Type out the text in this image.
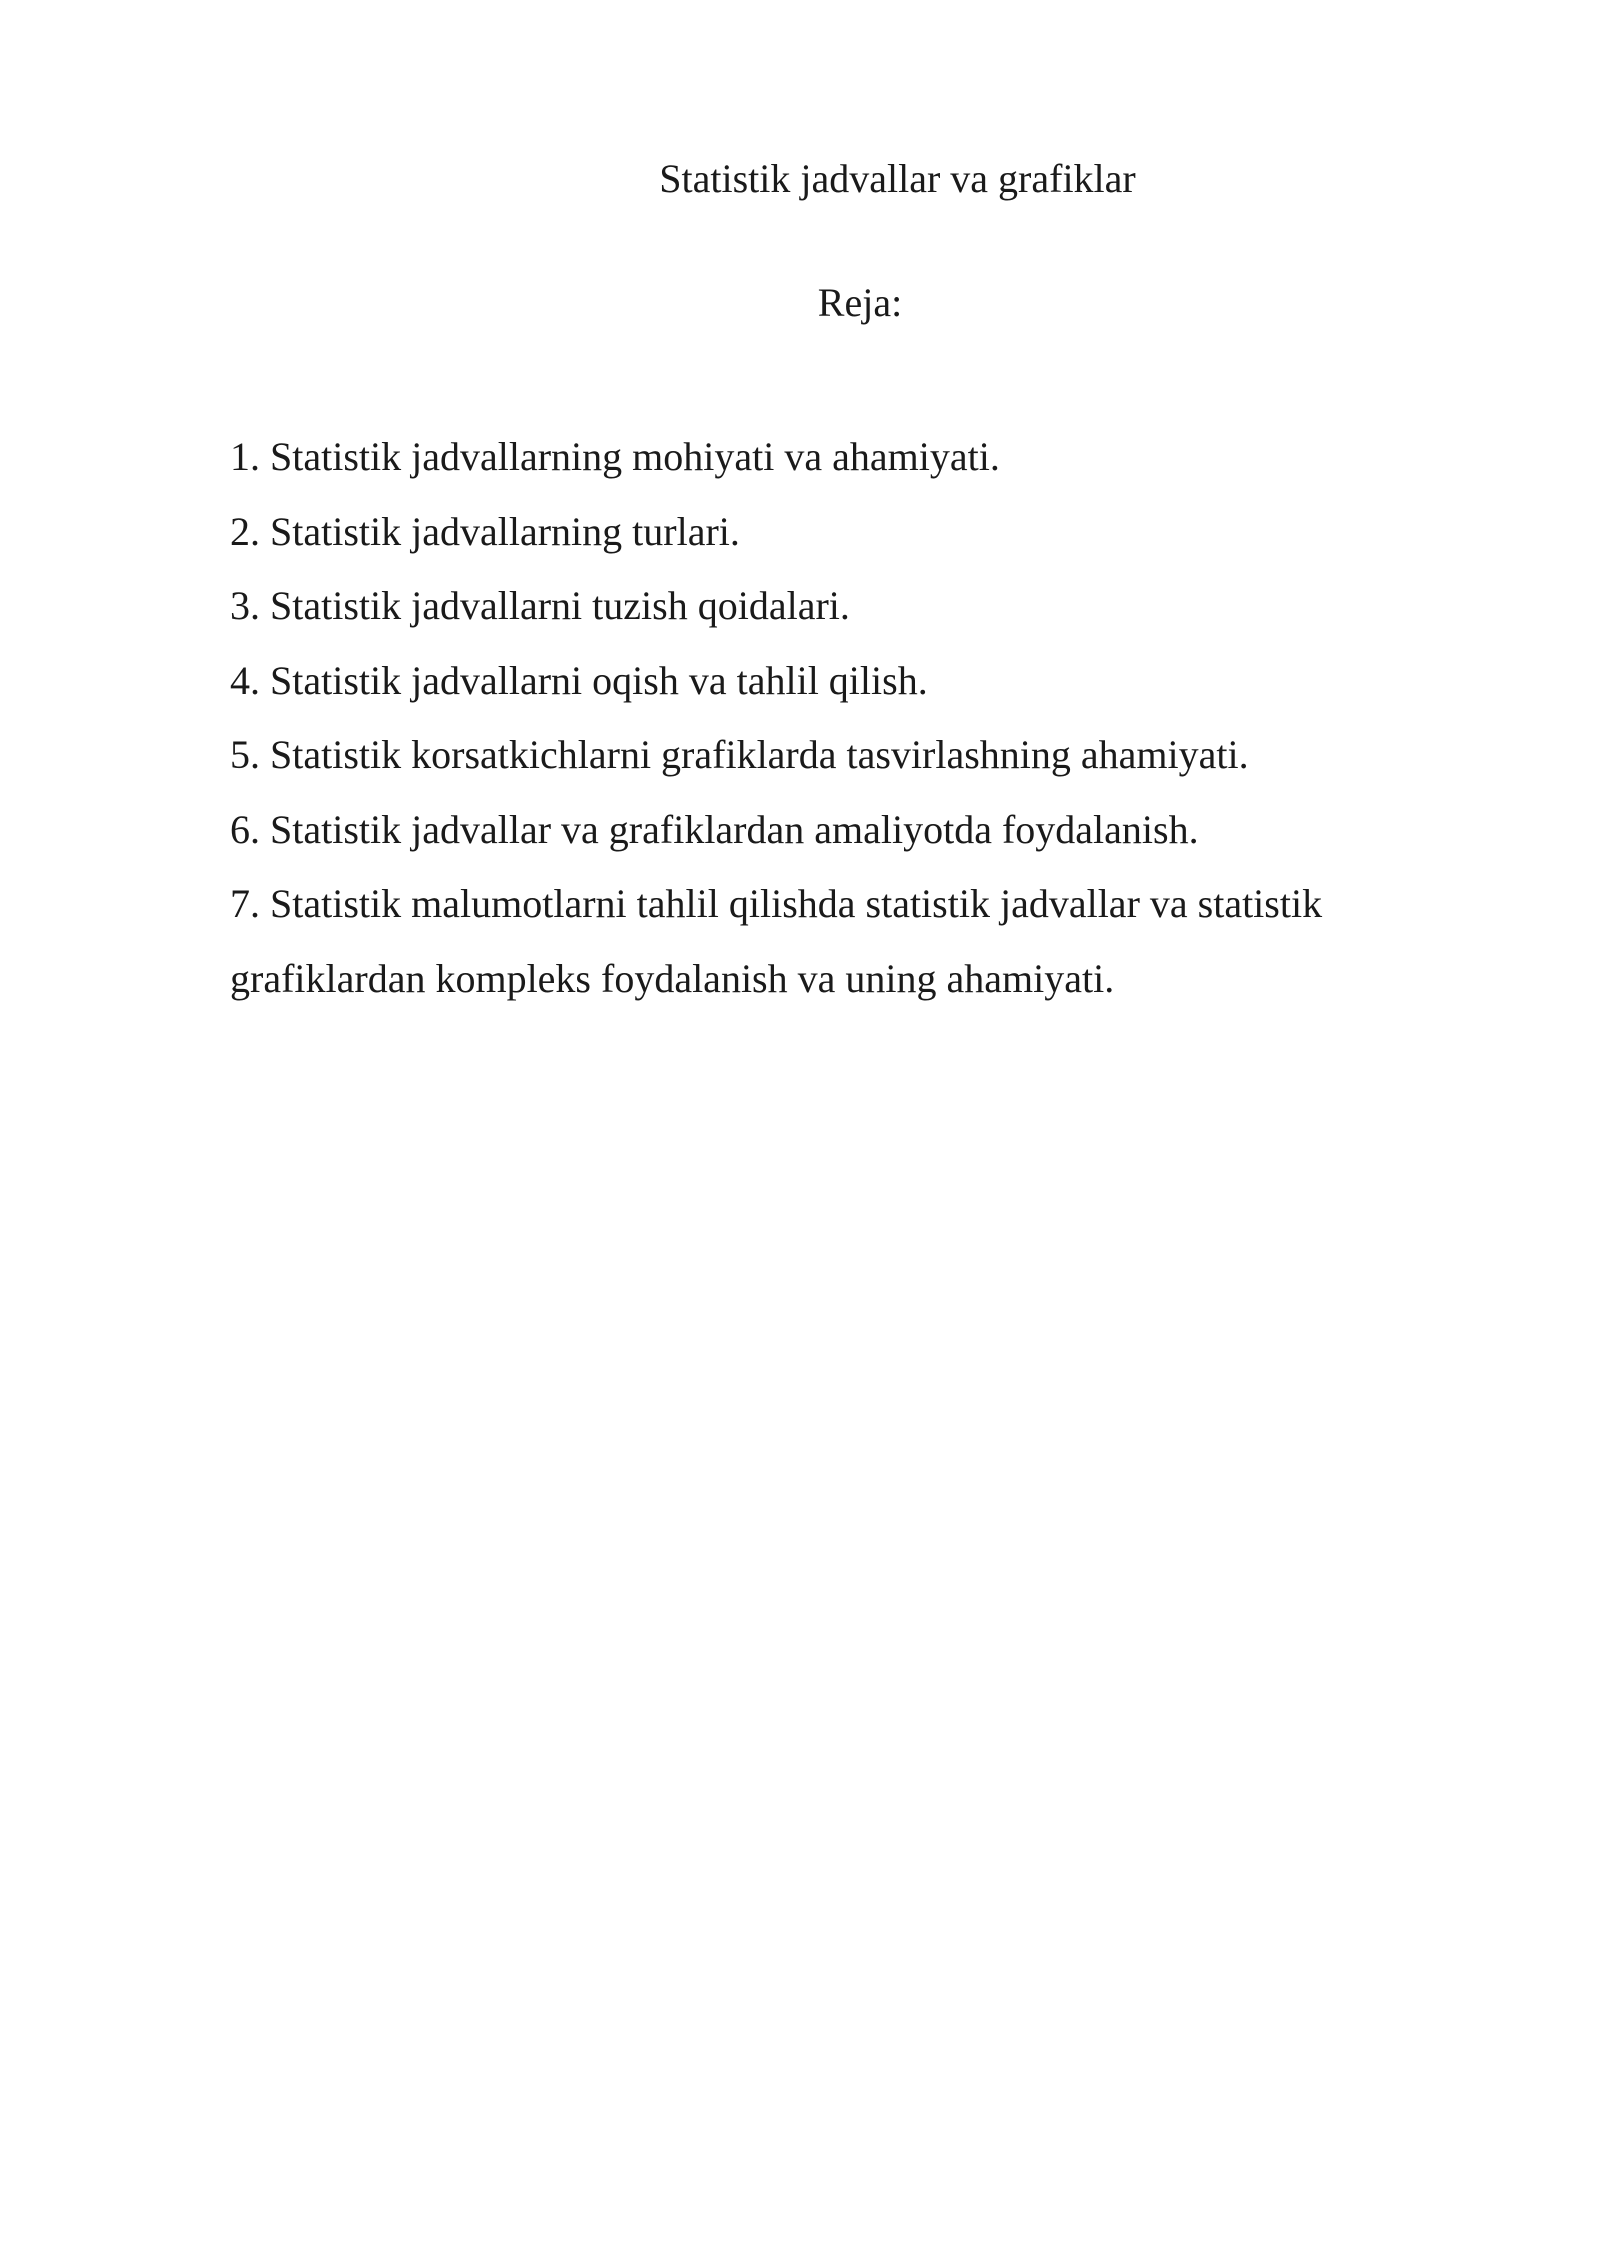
Statistik jadvallar va grafiklar
Reja:
1. Statistik jadvallarning mohiyati va ahamiyati.
2. Statistik jadvallarning turlari.
3. Statistik jadvallarni tuzish qoidalari.
4. Statistik jadvallarni oqish va tahlil qilish.
5. Statistik korsatkichlarni grafiklarda tasvirlashning ahamiyati.
6. Statistik jadvallar va grafiklardan amaliyotda foydalanish.
7. Statistik malumotlarni tahlil qilishda statistik jadvallar va statistik grafiklardan kompleks foydalanish va uning ahamiyati.
